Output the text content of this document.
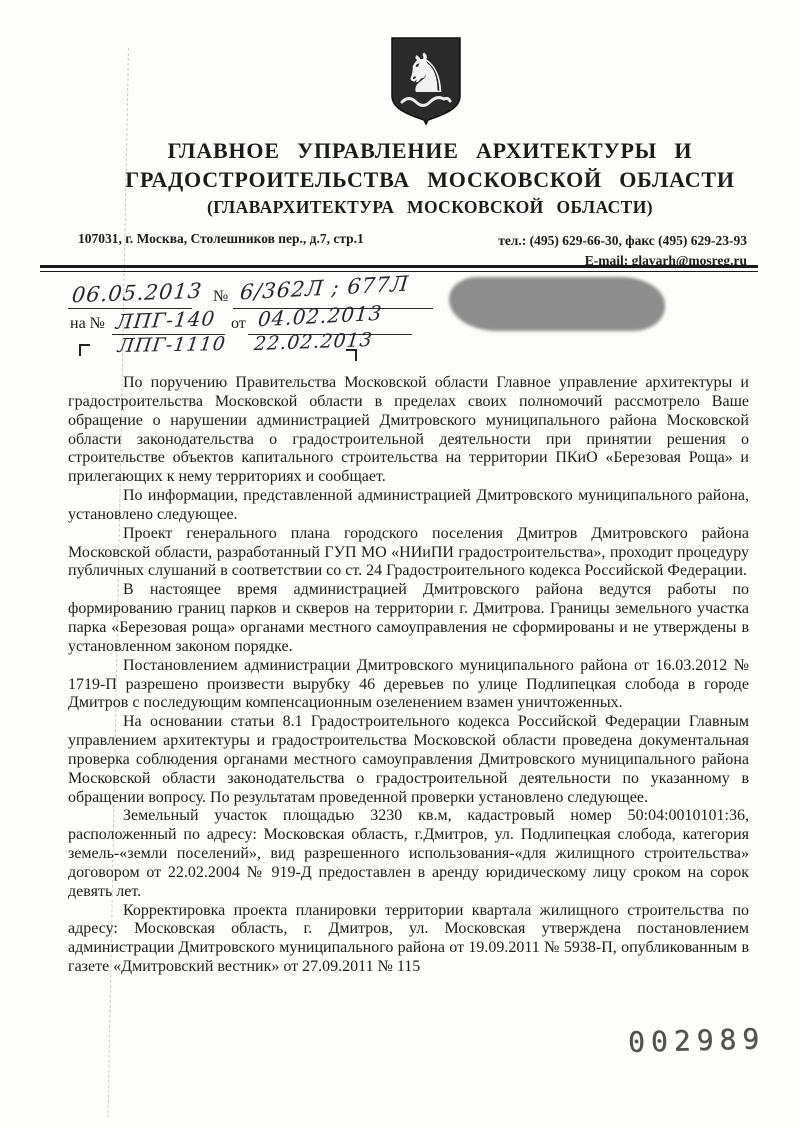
♞
ГЛАВНОЕ УПРАВЛЕНИЕ АРХИТЕКТУРЫ И
ГРАДОСТРОИТЕЛЬСТВА МОСКОВСКОЙ ОБЛАСТИ
(ГЛАВАРХИТЕКТУРА МОСКОВСКОЙ ОБЛАСТИ)
107031, г. Москва, Столешников пер., д.7, стр.1	тел.: (495) 629-66-30, факс (495) 629-23-93
E-mail: glavarh@mosreg.ru
06.05.2013 № 6/362Л ; 677Л
на № ЛПГ-140 от 04.02.2013
ЛПГ-1110 22.02.2013

По поручению Правительства Московской области Главное управление архитектуры и градостроительства Московской области в пределах своих полномочий рассмотрело Ваше обращение о нарушении администрацией Дмитровского муниципального района Московской области законодательства о градостроительной деятельности при принятии решения о строительстве объектов капитального строительства на территории ПКиО «Березовая Роща» и прилегающих к нему территориях и сообщает.

По информации, представленной администрацией Дмитровского муниципального района, установлено следующее.

Проект генерального плана городского поселения Дмитров Дмитровского района Московской области, разработанный ГУП МО «НИиПИ градостроительства», проходит процедуру публичных слушаний в соответствии со ст. 24 Градостроительного кодекса Российской Федерации.

В настоящее время администрацией Дмитровского района ведутся работы по формированию границ парков и скверов на территории г. Дмитрова. Границы земельного участка парка «Березовая роща» органами местного самоуправления не сформированы и не утверждены в установленном законом порядке.

Постановлением администрации Дмитровского муниципального района от 16.03.2012 № 1719-П разрешено произвести вырубку 46 деревьев по улице Подлипецкая слобода в городе Дмитров с последующим компенсационным озеленением взамен уничтоженных.

На основании статьи 8.1 Градостроительного кодекса Российской Федерации Главным управлением архитектуры и градостроительства Московской области проведена документальная проверка соблюдения органами местного самоуправления Дмитровского муниципального района Московской области законодательства о градостроительной деятельности по указанному в обращении вопросу. По результатам проведенной проверки установлено следующее.

Земельный участок площадью 3230 кв.м, кадастровый номер 50:04:0010101:36, расположенный по адресу: Московская область, г.Дмитров, ул. Подлипецкая слобода, категория земель-«земли поселений», вид разрешенного использования-«для жилищного строительства» договором от 22.02.2004 № 919-Д предоставлен в аренду юридическому лицу сроком на сорок девять лет.

Корректировка проекта планировки территории квартала жилищного строительства по адресу: Московская область, г. Дмитров, ул. Московская утверждена постановлением администрации Дмитровского муниципального района от 19.09.2011 № 5938-П, опубликованным в газете «Дмитровский вестник» от 27.09.2011 № 115

002989
